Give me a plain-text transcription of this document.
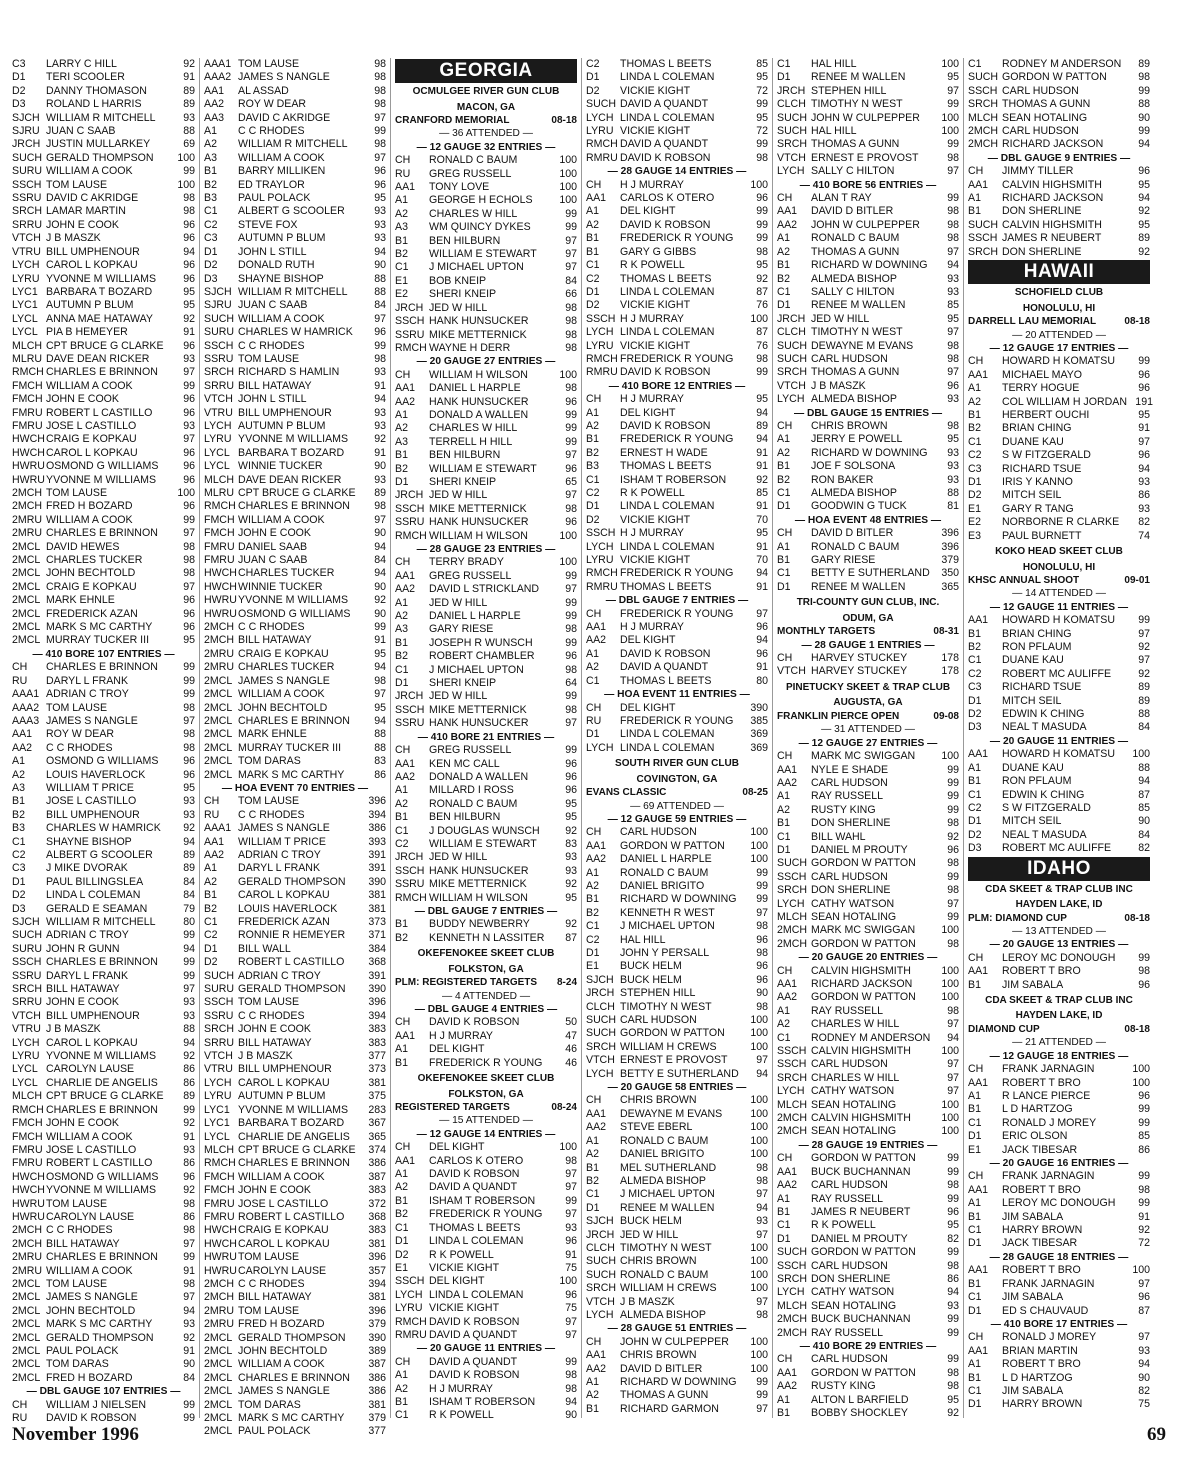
C3	LARRY C HILL	92
D1	TERI SCOOLER	91
D2	DANNY THOMASON	89
D3	ROLAND L HARRIS	89
SJCH WILLIAM R MITCHELL	93
SJRU JUAN C SAAB	88
JRCH JUSTIN MULLARKEY	69
SUCH GERALD THOMPSON	100
SURU WILLIAM A COOK	99
SSCH TOM LAUSE	100
SSRU DAVID C AKRIDGE	98
SRCH LAMAR MARTIN	98
SRRU JOHN E COOK	96
VTCH J B MASZK	96
VTRU BILL UMPHENOUR	94
LYCH CAROL L KOPKAU	96
LYRU YVONNE M WILLIAMS	96
LYC1 BARBARA T BOZARD	95
LYC1 AUTUMN P BLUM	95
LYCL ANNA MAE HATAWAY	92
LYCL PIA B HEMEYER	91
MLCH CPT BRUCE G CLARKE	96
MLRU DAVE DEAN RICKER	93
RMCH CHARLES E BRINNON	97
FMCH WILLIAM A COOK	99
FMCH JOHN E COOK	96
FMRU ROBERT L CASTILLO	96
FMRU JOSE L CASTILLO	93
HWCH CRAIG E KOPKAU	97
HWCH CAROL L KOPKAU	96
HWRU OSMOND G WILLIAMS	96
HWRU YVONNE M WILLIAMS	96
2MCH TOM LAUSE	100
2MCH FRED H BOZARD	96
2MRU WILLIAM A COOK	99
2MRU CHARLES E BRINNON	97
2MCL DAVID HEWES	98
2MCL CHARLES TUCKER	98
2MCL JOHN BECHTOLD	98
2MCL CRAIG E KOPKAU	97
2MCL MARK EHNLE	96
2MCL FREDERICK AZAN	96
2MCL MARK S MC CARTHY	96
2MCL MURRAY TUCKER III	95
— 410 BORE 107 ENTRIES —
CH	CHARLES E BRINNON	99
RU	DARYL L FRANK	99
AAA1 ADRIAN C TROY	99
AAA2 TOM LAUSE	98
AAA3 JAMES S NANGLE	97
AA1	ROY W DEAR	98
AA2	C C RHODES	98
A1	OSMOND G WILLIAMS	96
A2	LOUIS HAVERLOCK	96
A3	WILLIAM T PRICE	95
B1	JOSE L CASTILLO	93
B2	BILL UMPHENOUR	93
B3	CHARLES W HAMRICK	92
C1	SHAYNE BISHOP	94
C2	ALBERT G SCOOLER	89
C3	J MIKE DVORAK	89
D1	PAUL BILLINGSLEA	84
D2	LINDA L COLEMAN	84
D3	GERALD E SEAMAN	79
SJCH WILLIAM R MITCHELL	80
SUCH ADRIAN C TROY	99
SURU JOHN R GUNN	94
SSCH CHARLES E BRINNON	99
SSRU DARYL L FRANK	99
SRCH BILL HATAWAY	97
SRRU JOHN E COOK	93
VTCH BILL UMPHENOUR	93
VTRU J B MASZK	88
LYCH CAROL L KOPKAU	94
LYRU YVONNE M WILLIAMS	92
LYCL CAROLYN LAUSE	86
LYCL CHARLIE DE ANGELIS	86
MLCH CPT BRUCE G CLARKE	89
RMCH CHARLES E BRINNON	99
FMCH JOHN E COOK	92
FMCH WILLIAM A COOK	91
FMRU JOSE L CASTILLO	93
FMRU ROBERT L CASTILLO	86
HWCH OSMOND G WILLIAMS	96
HWCH YVONNE M WILLIAMS	92
HWRU TOM LAUSE	98
HWRU CAROLYN LAUSE	86
2MCH C C RHODES	98
2MCH BILL HATAWAY	97
2MRU CHARLES E BRINNON	99
2MRU WILLIAM A COOK	91
2MCL TOM LAUSE	98
2MCL JAMES S NANGLE	97
2MCL JOHN BECHTOLD	94
2MCL MARK S MC CARTHY	93
2MCL GERALD THOMPSON	92
2MCL PAUL POLACK	91
2MCL TOM DARAS	90
2MCL FRED H BOZARD	84
— DBL GAUGE 107 ENTRIES —
CH	WILLIAM J NIELSEN	99
RU	DAVID K ROBSON	99
AAA1 TOM LAUSE	98
AAA2 JAMES S NANGLE	98
AA1	AL ASSAD	98
AA2	ROY W DEAR	98
AA3	DAVID C AKRIDGE	97
A1	C C RHODES	99
A2	WILLIAM R MITCHELL	98
A3	WILLIAM A COOK	97
B1	BARRY MILLIKEN	96
B2	ED TRAYLOR	96
B3	PAUL POLACK	95
C1	ALBERT G SCOOLER	93
C2	STEVE FOX	93
C3	AUTUMN P BLUM	93
D1	JOHN L STILL	94
D2	DONALD RUTH	90
D3	SHAYNE BISHOP	88
SJCH WILLIAM R MITCHELL	88
SJRU JUAN C SAAB	84
SUCH WILLIAM A COOK	97
SURU CHARLES W HAMRICK	96
SSCH C C RHODES	99
SSRU TOM LAUSE	98
SRCH RICHARD S HAMLIN	93
SRRU BILL HATAWAY	91
VTCH JOHN L STILL	94
VTRU BILL UMPHENOUR	93
LYCH AUTUMN P BLUM	93
LYRU YVONNE M WILLIAMS	92
LYCL BARBARA T BOZARD	91
LYCL WINNIE TUCKER	90
MLCH DAVE DEAN RICKER	93
MLRU CPT BRUCE G CLARKE	89
RMCH CHARLES E BRINNON	98
FMCH WILLIAM A COOK	97
FMCH JOHN E COOK	90
FMRU DANIEL SAAB	94
FMRU JUAN C SAAB	84
HWCH CHARLES TUCKER	94
HWCH WINNIE TUCKER	90
HWRU YVONNE M WILLIAMS	92
HWRU OSMOND G WILLIAMS	90
2MCH C C RHODES	99
2MCH BILL HATAWAY	91
2MRU CRAIG E KOPKAU	95
2MRU CHARLES TUCKER	94
2MCL JAMES S NANGLE	98
2MCL WILLIAM A COOK	97
2MCL JOHN BECHTOLD	95
2MCL CHARLES E BRINNON	94
2MCL MARK EHNLE	88
2MCL MURRAY TUCKER III	88
2MCL TOM DARAS	83
2MCL MARK S MC CARTHY	86
— HOA EVENT 70 ENTRIES —
CH	TOM LAUSE	396
RU	C C RHODES	394
AAA1 JAMES S NANGLE	386
AA1	WILLIAM T PRICE	393
AA2	ADRIAN C TROY	391
A1	DARYL L FRANK	391
A2	GERALD THOMPSON	390
B1	CAROL L KOPKAU	381
B2	LOUIS HAVERLOCK	381
C1	FREDERICK AZAN	373
C2	RONNIE R HEMEYER	371
D1	BILL WALL	384
D2	ROBERT L CASTILLO	368
SUCH ADRIAN C TROY	391
SURU GERALD THOMPSON	390
SSCH TOM LAUSE	396
SSRU C C RHODES	394
SRCH JOHN E COOK	383
SRRU BILL HATAWAY	383
VTCH J B MASZK	377
VTRU BILL UMPHENOUR	373
LYCH CAROL L KOPKAU	381
LYRU AUTUMN P BLUM	375
LYC1 YVONNE M WILLIAMS	283
LYC1 BARBARA T BOZARD	367
LYCL CHARLIE DE ANGELIS	365
MLCH CPT BRUCE G CLARKE	374
RMCH CHARLES E BRINNON	386
FMCH WILLIAM A COOK	387
FMCH JOHN E COOK	383
FMRU JOSE L CASTILLO	372
FMRU ROBERT L CASTILLO	368
HWCH CRAIG E KOPKAU	383
HWCH CAROL L KOPKAU	381
HWRU TOM LAUSE	396
HWRU CAROLYN LAUSE	357
2MCH C C RHODES	394
2MCH BILL HATAWAY	381
2MRU TOM LAUSE	396
2MRU FRED H BOZARD	379
2MCL GERALD THOMPSON	390
2MCL JOHN BECHTOLD	389
2MCL WILLIAM A COOK	387
2MCL CHARLES E BRINNON	386
2MCL JAMES S NANGLE	386
2MCL TOM DARAS	381
2MCL MARK S MC CARTHY	379
2MCL PAUL POLACK	377
GEORGIA
OCMULGEE RIVER GUN CLUB
MACON, GA
CRANFORD MEMORIAL	08-18
— 36 ATTENDED —
— 12 GAUGE 32 ENTRIES —
CH	RONALD C BAUM	100
RU	GREG RUSSELL	100
AA1	TONY LOVE	100
A1	GEORGE H ECHOLS	100
A2	CHARLES W HILL	99
A3	WM QUINCY DYKES	99
B1	BEN HILBURN	97
B2	WILLIAM E STEWART	97
C1	J MICHAEL UPTON	97
E1	BOB KNEIP	84
E2	SHERI KNEIP	66
JRCH JED W HILL	98
SSCH HANK HUNSUCKER	98
SSRU MIKE METTERNICK	98
RMCH WAYNE H DERR	98
— 20 GAUGE 27 ENTRIES —
CH	WILLIAM H WILSON	100
AA1	DANIEL L HARPLE	98
AA2	HANK HUNSUCKER	96
A1	DONALD A WALLEN	99
A2	CHARLES W HILL	99
A3	TERRELL H HILL	99
B1	BEN HILBURN	97
B2	WILLIAM E STEWART	96
D1	SHERI KNEIP	65
JRCH JED W HILL	97
SSCH MIKE METTERNICK	98
SSRU HANK HUNSUCKER	96
RMCH WILLIAM H WILSON	100
— 28 GAUGE 23 ENTRIES —
CH	TERRY BRADY	100
AA1	GREG RUSSELL	99
AA2	DAVID L STRICKLAND	97
A1	JED W HILL	99
A2	DANIEL L HARPLE	99
A3	GARY RIESE	98
B1	JOSEPH R WUNSCH	99
B2	ROBERT CHAMBLER	96
C1	J MICHAEL UPTON	98
D1	SHERI KNEIP	64
JRCH JED W HILL	99
SSCH MIKE METTERNICK	98
SSRU HANK HUNSUCKER	97
— 410 BORE 21 ENTRIES —
CH	GREG RUSSELL	99
AA1	KEN MC CALL	96
AA2	DONALD A WALLEN	96
A1	MILLARD I ROSS	96
A2	RONALD C BAUM	95
B1	BEN HILBURN	95
C1	J DOUGLAS WUNSCH	92
C2	WILLIAM E STEWART	83
JRCH JED W HILL	93
SSCH HANK HUNSUCKER	93
SSRU MIKE METTERNICK	92
RMCH WILLIAM H WILSON	95
— DBL GAUGE 7 ENTRIES —
B1	BUDDY NEWBERRY	92
B2	KENNETH N LASSITER	87
OKEFENOKEE SKEET CLUB
FOLKSTON, GA
PLM: REGISTERED TARGETS	8-24
— 4 ATTENDED —
— DBL GAUGE 4 ENTRIES —
CH	DAVID K ROBSON	50
AA1	H J MURRAY	47
A1	DEL KIGHT	46
B1	FREDERICK R YOUNG	46
OKEFENOKEE SKEET CLUB
FOLKSTON, GA
REGISTERED TARGETS	08-24
— 15 ATTENDED —
— 12 GAUGE 14 ENTRIES —
CH	DEL KIGHT	100
AA1	CARLOS K OTERO	98
A1	DAVID K ROBSON	97
A2	DAVID A QUANDT	97
B1	ISHAM T ROBERSON	99
B2	FREDERICK R YOUNG	97
C1	THOMAS L BEETS	93
D1	LINDA L COLEMAN	96
D2	R K POWELL	91
E1	VICKIE KIGHT	75
SSCH DEL KIGHT	100
LYCH LINDA L COLEMAN	96
LYRU VICKIE KIGHT	75
RMCH DAVID K ROBSON	97
RMRU DAVID A QUANDT	97
— 20 GAUGE 11 ENTRIES —
CH	DAVID A QUANDT	99
A1	DAVID K ROBSON	98
A2	H J MURRAY	98
B1	ISHAM T ROBERSON	94
C1	R K POWELL	90
C2	THOMAS L BEETS	85
D1	LINDA L COLEMAN	95
D2	VICKIE KIGHT	72
SUCH DAVID A QUANDT	99
LYCH LINDA L COLEMAN	95
LYRU VICKIE KIGHT	72
RMCH DAVID A QUANDT	99
RMRU DAVID K ROBSON	98
— 28 GAUGE 14 ENTRIES —
CH	H J MURRAY	100
AA1	CARLOS K OTERO	96
A1	DEL KIGHT	99
A2	DAVID K ROBSON	99
B1	FREDERICK R YOUNG	99
B1	GARY G GIBBS	98
C1	R K POWELL	95
C2	THOMAS L BEETS	92
D1	LINDA L COLEMAN	87
D2	VICKIE KIGHT	76
SSCH H J MURRAY	100
LYCH LINDA L COLEMAN	87
LYRU VICKIE KIGHT	76
RMCH FREDERICK R YOUNG	98
RMRU DAVID K ROBSON	99
— 410 BORE 12 ENTRIES —
CH	H J MURRAY	95
A1	DEL KIGHT	94
A2	DAVID K ROBSON	89
B1	FREDERICK R YOUNG	94
B2	ERNEST H WADE	91
B3	THOMAS L BEETS	91
C1	ISHAM T ROBERSON	92
C2	R K POWELL	85
D1	LINDA L COLEMAN	91
D2	VICKIE KIGHT	70
SSCH H J MURRAY	95
LYCH LINDA L COLEMAN	91
LYRU VICKIE KIGHT	70
RMCH FREDERICK R YOUNG	94
RMRU THOMAS L BEETS	91
— DBL GAUGE 7 ENTRIES —
CH	FREDERICK R YOUNG	97
AA1	H J MURRAY	96
AA2	DEL KIGHT	94
A1	DAVID K ROBSON	96
A2	DAVID A QUANDT	91
C1	THOMAS L BEETS	80
— HOA EVENT 11 ENTRIES —
CH	DEL KIGHT	390
RU	FREDERICK R YOUNG	385
D1	LINDA L COLEMAN	369
LYCH LINDA L COLEMAN	369
SOUTH RIVER GUN CLUB
COVINGTON, GA
EVANS CLASSIC	08-25
— 69 ATTENDED —
— 12 GAUGE 59 ENTRIES —
CH	CARL HUDSON	100
AA1	GORDON W PATTON	100
AA2	DANIEL L HARPLE	100
A1	RONALD C BAUM	99
A2	DANIEL BRIGITO	99
B1	RICHARD W DOWNING	99
B2	KENNETH R WEST	97
C1	J MICHAEL UPTON	98
C2	HAL HILL	96
D1	JOHN Y PERSALL	98
E1	BUCK HELM	96
SJCH BUCK HELM	96
JRCH STEPHEN HILL	90
CLCH TIMOTHY N WEST	98
SUCH CARL HUDSON	100
SUCH GORDON W PATTON	100
SRCH WILLIAM H CREWS	100
VTCH ERNEST E PROVOST	97
LYCH BETTY E SUTHERLAND	94
— 20 GAUGE 58 ENTRIES —
CH	CHRIS BROWN	100
AA1	DEWAYNE M EVANS	100
AA2	STEVE EBERL	100
A1	RONALD C BAUM	100
A2	DANIEL BRIGITO	100
B1	MEL SUTHERLAND	98
B2	ALMEDA BISHOP	98
C1	J MICHAEL UPTON	97
D1	RENEE M WALLEN	94
SJCH BUCK HELM	93
JRCH JED W HILL	97
CLCH TIMOTHY N WEST	100
SUCH CHRIS BROWN	100
SUCH RONALD C BAUM	100
SRCH WILLIAM H CREWS	100
VTCH J B MASZK	97
LYCH ALMEDA BISHOP	98
— 28 GAUGE 51 ENTRIES —
CH	JOHN W CULPEPPER	100
AA1	CHRIS BROWN	100
AA2	DAVID D BITLER	100
A1	RICHARD W DOWNING	99
A2	THOMAS A GUNN	99
B1	RICHARD GARMON	97
C1	HAL HILL	100
D1	RENEE M WALLEN	95
JRCH STEPHEN HILL	97
CLCH TIMOTHY N WEST	99
SUCH JOHN W CULPEPPER	100
SUCH HAL HILL	100
SRCH THOMAS A GUNN	99
VTCH ERNEST E PROVOST	98
LYCH SALLY C HILTON	97
— 410 BORE 56 ENTRIES —
CH	ALAN T RAY	99
AA1	DAVID D BITLER	98
AA2	JOHN W CULPEPPER	98
A1	RONALD C BAUM	98
A2	THOMAS A GUNN	97
B1	RICHARD W DOWNING	94
B2	ALMEDA BISHOP	93
C1	SALLY C HILTON	93
D1	RENEE M WALLEN	85
JRCH JED W HILL	95
CLCH TIMOTHY N WEST	97
SUCH DEWAYNE M EVANS	98
SUCH CARL HUDSON	98
SRCH THOMAS A GUNN	97
VTCH J B MASZK	96
LYCH ALMEDA BISHOP	93
— DBL GAUGE 15 ENTRIES —
CH	CHRIS BROWN	98
A1	JERRY E POWELL	95
A2	RICHARD W DOWNING	93
B1	JOE F SOLSONA	93
B2	RON BAKER	93
C1	ALMEDA BISHOP	88
D1	GOODWIN G TUCK	81
— HOA EVENT 48 ENTRIES —
CH	DAVID D BITLER	396
A1	RONALD C BAUM	396
B1	GARY RIESE	379
C1	BETTY E SUTHERLAND	350
D1	RENEE M WALLEN	365
TRI-COUNTY GUN CLUB, INC.
ODUM, GA
MONTHLY TARGETS	08-31
— 28 GAUGE 1 ENTRIES —
CH	HARVEY STUCKEY	178
VTCH HARVEY STUCKEY	178
PINETUCKY SKEET & TRAP CLUB
AUGUSTA, GA
FRANKLIN PIERCE OPEN	09-08
— 31 ATTENDED —
— 12 GAUGE 27 ENTRIES —
CH	MARK MC SWIGGAN	100
AA1	NYLE E SHADE	99
AA2	CARL HUDSON	99
A1	RAY RUSSELL	99
A2	RUSTY KING	99
B1	DON SHERLINE	98
C1	BILL WAHL	92
D1	DANIEL M PROUTY	96
SUCH GORDON W PATTON	98
SSCH CARL HUDSON	99
SRCH DON SHERLINE	98
LYCH CATHY WATSON	97
MLCH SEAN HOTALING	99
2MCH MARK MC SWIGGAN	100
2MCH GORDON W PATTON	98
— 20 GAUGE 20 ENTRIES —
CH	CALVIN HIGHSMITH	100
AA1	RICHARD JACKSON	100
AA2	GORDON W PATTON	100
A1	RAY RUSSELL	98
A2	CHARLES W HILL	97
C1	RODNEY M ANDERSON	94
SSCH CALVIN HIGHSMITH	100
SSCH CARL HUDSON	97
SRCH CHARLES W HILL	97
LYCH CATHY WATSON	97
MLCH SEAN HOTALING	100
2MCH CALVIN HIGHSMITH	100
2MCH SEAN HOTALING	100
— 28 GAUGE 19 ENTRIES —
CH	GORDON W PATTON	99
AA1	BUCK BUCHANNAN	99
AA2	CARL HUDSON	98
A1	RAY RUSSELL	99
B1	JAMES R NEUBERT	96
C1	R K POWELL	95
D1	DANIEL M PROUTY	82
SUCH GORDON W PATTON	99
SSCH CARL HUDSON	98
SRCH DON SHERLINE	86
LYCH CATHY WATSON	94
MLCH SEAN HOTALING	93
2MCH BUCK BUCHANNAN	99
2MCH RAY RUSSELL	99
— 410 BORE 29 ENTRIES —
CH	CARL HUDSON	99
AA1	GORDON W PATTON	98
AA2	RUSTY KING	98
A1	ALTON L BARFIELD	95
B1	BOBBY SHOCKLEY	92
C1	RODNEY M ANDERSON	89
SUCH GORDON W PATTON	98
SSCH CARL HUDSON	99
SRCH THOMAS A GUNN	88
MLCH SEAN HOTALING	90
2MCH CARL HUDSON	99
2MCH RICHARD JACKSON	94
— DBL GAUGE 9 ENTRIES —
CH	JIMMY TILLER	96
AA1	CALVIN HIGHSMITH	95
A1	RICHARD JACKSON	94
B1	DON SHERLINE	92
SUCH CALVIN HIGHSMITH	95
SSCH JAMES R NEUBERT	89
SRCH DON SHERLINE	92
HAWAII
SCHOFIELD CLUB
HONOLULU, HI
DARRELL LAU MEMORIAL	08-18
— 20 ATTENDED —
— 12 GAUGE 17 ENTRIES —
CH	HOWARD H KOMATSU	99
AA1	MICHAEL MAYO	96
A1	TERRY HOGUE	96
A2	COL WILLIAM H JORDAN 191
B1	HERBERT OUCHI	95
B2	BRIAN CHING	91
C1	DUANE KAU	97
C2	S W FITZGERALD	96
C3	RICHARD TSUE	94
D1	IRIS Y KANNO	93
D2	MITCH SEIL	86
E1	GARY R TANG	93
E2	NORBORNE R CLARKE	82
E3	PAUL BURNETT	74
KOKO HEAD SKEET CLUB
HONOLULU, HI
KHSC ANNUAL SHOOT	09-01
— 14 ATTENDED —
— 12 GAUGE 11 ENTRIES —
AA1	HOWARD H KOMATSU	99
B1	BRIAN CHING	97
B2	RON PFLAUM	92
C1	DUANE KAU	97
C2	ROBERT MC AULIFFE	92
C3	RICHARD TSUE	89
D1	MITCH SEIL	89
D2	EDWIN K CHING	88
D3	NEAL T MASUDA	84
— 20 GAUGE 11 ENTRIES —
AA1	HOWARD H KOMATSU	100
A1	DUANE KAU	88
B1	RON PFLAUM	94
C1	EDWIN K CHING	87
C2	S W FITZGERALD	85
D1	MITCH SEIL	90
D2	NEAL T MASUDA	84
D3	ROBERT MC AULIFFE	82
IDAHO
CDA SKEET & TRAP CLUB INC
HAYDEN LAKE, ID
PLM: DIAMOND CUP	08-18
— 13 ATTENDED —
— 20 GAUGE 13 ENTRIES —
CH	LEROY MC DONOUGH	99
AA1	ROBERT T BRO	98
B1	JIM SABALA	96
CDA SKEET & TRAP CLUB INC
HAYDEN LAKE, ID
DIAMOND CUP	08-18
— 21 ATTENDED —
— 12 GAUGE 18 ENTRIES —
CH	FRANK JARNAGIN	100
AA1	ROBERT T BRO	100
A1	R LANCE PIERCE	96
B1	L D HARTZOG	99
C1	RONALD J MOREY	99
D1	ERIC OLSON	85
E1	JACK TIBESAR	86
— 20 GAUGE 16 ENTRIES —
CH	FRANK JARNAGIN	99
AA1	ROBERT T BRO	98
A1	LEROY MC DONOUGH	99
B1	JIM SABALA	91
C1	HARRY BROWN	92
D1	JACK TIBESAR	72
— 28 GAUGE 18 ENTRIES —
AA1	ROBERT T BRO	100
B1	FRANK JARNAGIN	97
C1	JIM SABALA	96
D1	ED S CHAUVAUD	87
— 410 BORE 17 ENTRIES —
CH	RONALD J MOREY	97
AA1	BRIAN MARTIN	93
A1	ROBERT T BRO	94
B1	L D HARTZOG	90
C1	JIM SABALA	82
D1	HARRY BROWN	75
November 1996	69
